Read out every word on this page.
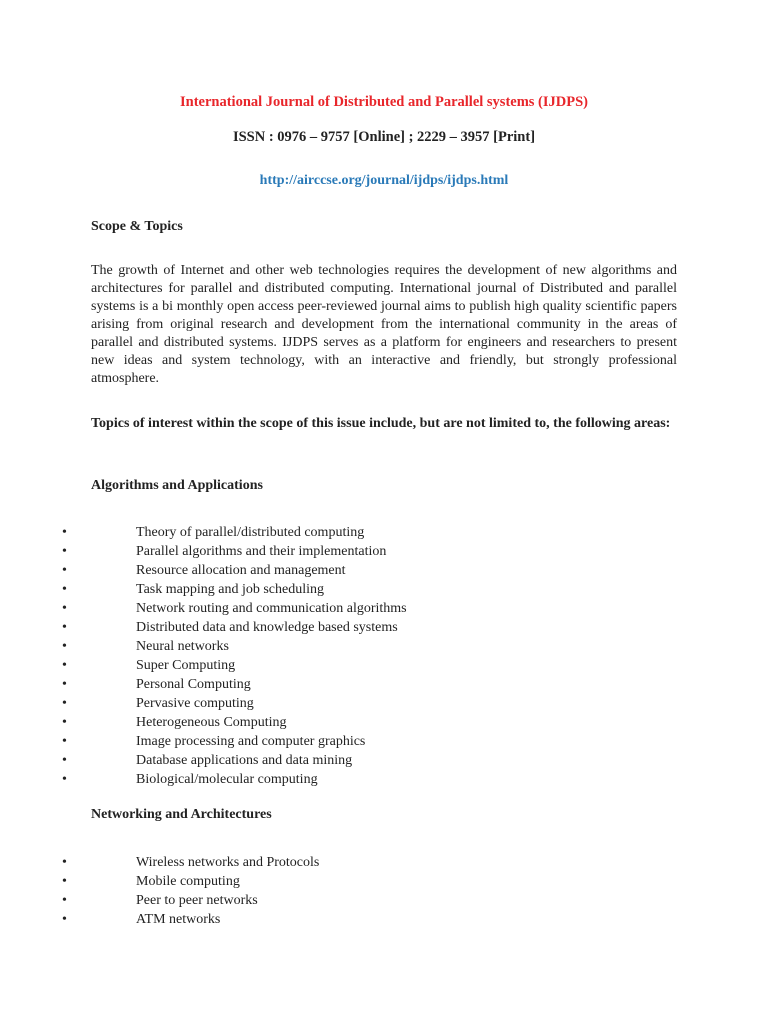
International Journal of Distributed and Parallel systems (IJDPS)
ISSN : 0976 – 9757 [Online] ; 2229 – 3957 [Print]
http://airccse.org/journal/ijdps/ijdps.html
Scope & Topics

The growth of Internet and other web technologies requires the development of new algorithms and architectures for parallel and distributed computing. International journal of Distributed and parallel systems is a bi monthly open access peer-reviewed journal aims to publish high quality scientific papers arising from original research and development from the international community in the areas of parallel and distributed systems. IJDPS serves as a platform for engineers and researchers to present new ideas and system technology, with an interactive and friendly, but strongly professional atmosphere.

Topics of interest within the scope of this issue include, but are not limited to, the following areas:

Algorithms and Applications
•	Theory of parallel/distributed computing
•	Parallel algorithms and their implementation
•	Resource allocation and management
•	Task mapping and job scheduling
•	Network routing and communication algorithms
•	Distributed data and knowledge based systems
•	Neural networks
•	Super Computing
•	Personal Computing
•	Pervasive computing
•	Heterogeneous Computing
•	Image processing and computer graphics
•	Database applications and data mining
•	Biological/molecular computing
Networking and Architectures
•	Wireless networks and Protocols
•	Mobile computing
•	Peer to peer networks
•	ATM networks
